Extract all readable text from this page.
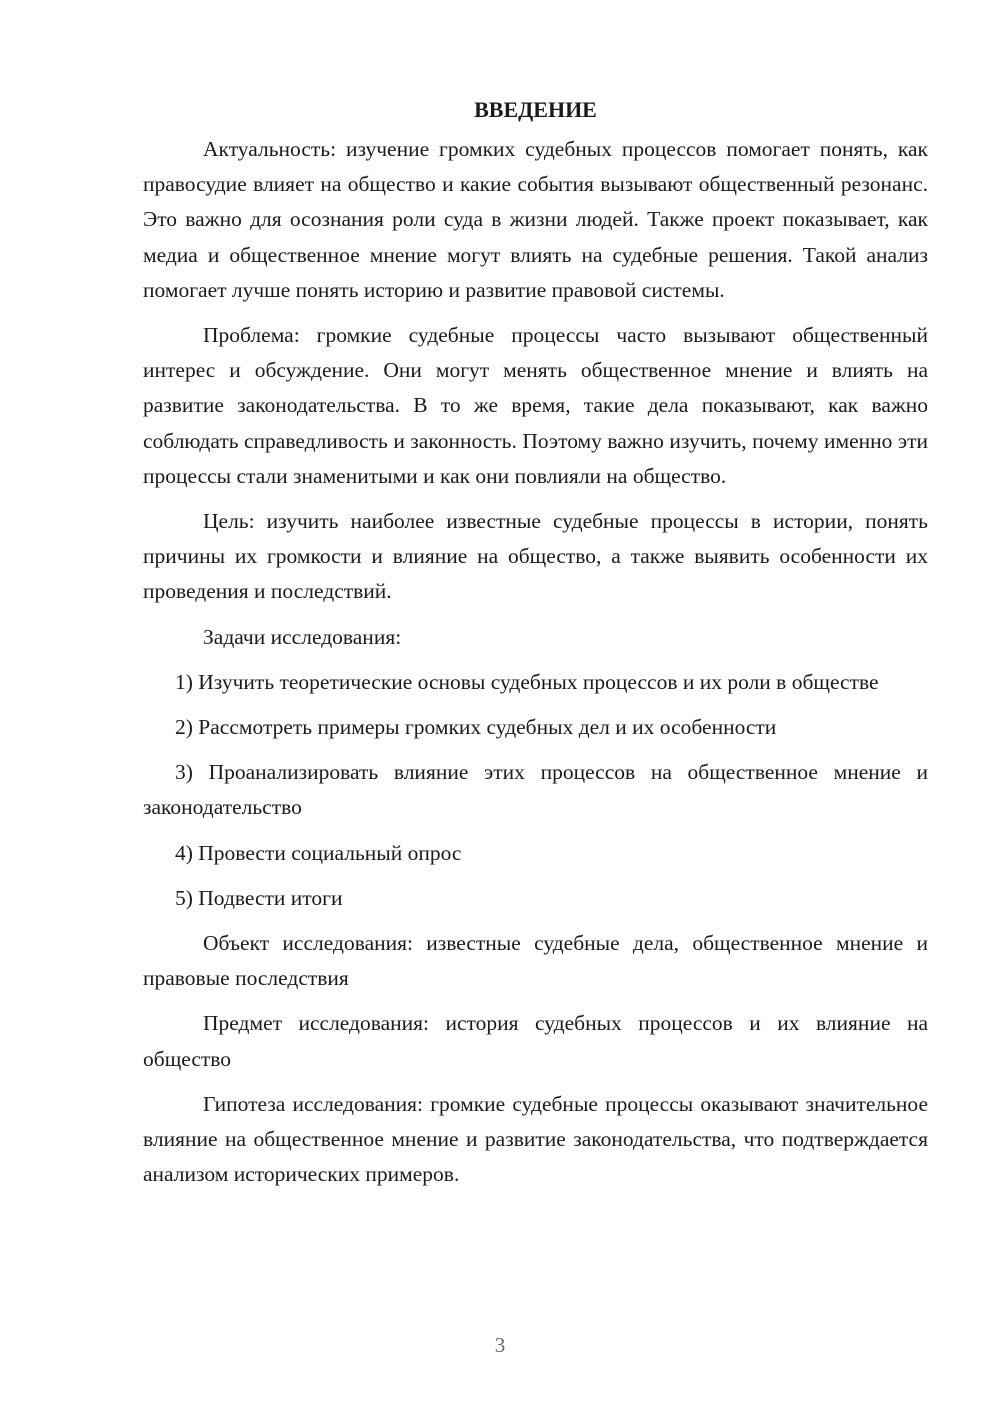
ВВЕДЕНИЕ

Актуальность: изучение громких судебных процессов помогает понять, как правосудие влияет на общество и какие события вызывают общественный резонанс. Это важно для осознания роли суда в жизни людей. Также проект показывает, как медиа и общественное мнение могут влиять на судебные решения. Такой анализ помогает лучше понять историю и развитие правовой системы.

Проблема: громкие судебные процессы часто вызывают общественный интерес и обсуждение. Они могут менять общественное мнение и влиять на развитие законодательства. В то же время, такие дела показывают, как важно соблюдать справедливость и законность. Поэтому важно изучить, почему именно эти процессы стали знаменитыми и как они повлияли на общество.

Цель: изучить наиболее известные судебные процессы в истории, понять причины их громкости и влияние на общество, а также выявить особенности их проведения и последствий.

Задачи исследования:

1) Изучить теоретические основы судебных процессов и их роли в обществе

2) Рассмотреть примеры громких судебных дел и их особенности

3) Проанализировать влияние этих процессов на общественное мнение и законодательство

4) Провести социальный опрос

5) Подвести итоги

Объект исследования: известные судебные дела, общественное мнение и правовые последствия

Предмет исследования: история судебных процессов и их влияние на общество

Гипотеза исследования: громкие судебные процессы оказывают значительное влияние на общественное мнение и развитие законодательства, что подтверждается анализом исторических примеров.

3
